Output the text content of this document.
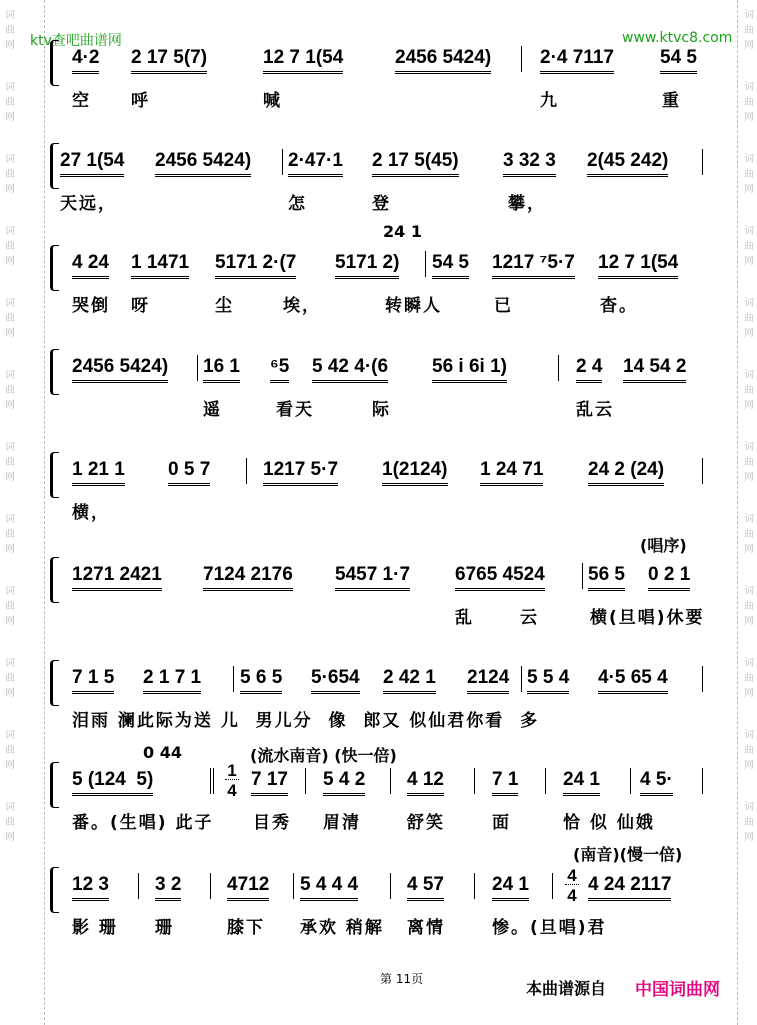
词
曲
网
词
曲
网
词
曲
网
词
曲
网
词
曲
网
词
曲
网
词
曲
网
词
曲
网
词
曲
网
词
曲
网
词
曲
网
词
曲
网
词
曲
网
词
曲
网
词
曲
网
词
曲
网
词
曲
网
词
曲
网
词
曲
网
词
曲
网
词
曲
网
词
曲
网
词
曲
网
词
曲
网
ktv查吧曲谱网	www.ktvc8.com
4·2 2 17 5(7)	12 7 1(54	2456 5424)	2·4 7117 54 5
空 呼	喊	九	重
27 1(54 2456 5424) 2·47·1 2 17 5(45) 3 32 3 2(45 242)
天远，	怎	登	攀，
4 24 1 1471 5171 2·(7 5171 2) 54 5 1217 ⁷5·7 12 7 1(54
哭倒 呀	尘	埃，	转瞬人	已	杳。
24 1
2456 5424) 16 1 ⁶5 5 42 4·(6 56 i 6i 1)	2 4 14 54 2
遥	看天	际	乱云
1 21 1 0 5 7	1217 5·7 1(2124) 1 24 71 24 2 (24)
横，
1271 2421 7124 2176 5457 1·7 6765 4524 56 5 0 2 1
乱	云	横(旦唱)休要
(唱序)
7 1 5 2 1 7 1 5 6 5 5·654 2 42 1 2124 5 5 4 4·5 65 4
泪雨 澜此际为送 儿  男儿分  像  郎又 似仙君你看  多
5 (124  5)	7 17 5 4 2 4 12	7 1 24 1 4 5·
番。(生唱) 此子 目秀 眉清	舒笑	面	恰 似 仙娥
0 44	(流水南音) (快一倍)
1
4
12 3 3 2 4712 5 4 4 4	4 57	24 1	4 24 2117
影 珊 珊	膝下 承欢 稍解 离情	惨。(旦唱)君
(南音)(慢一倍)
4
4
第 11页	本曲谱源自 中国词曲网
